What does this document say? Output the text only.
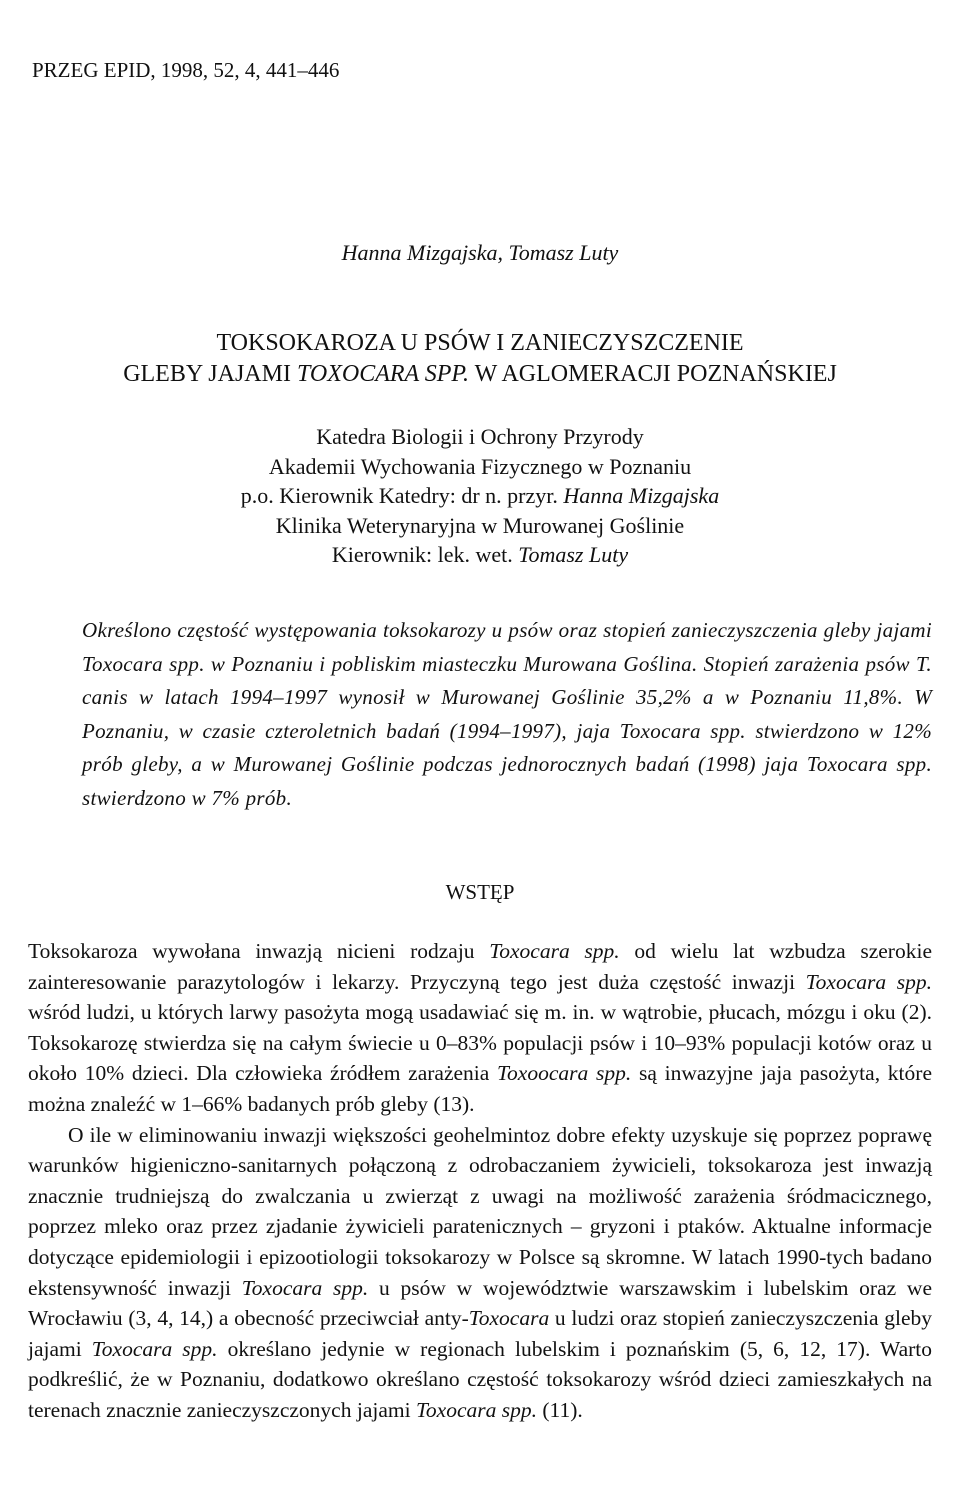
PRZEG EPID, 1998, 52, 4, 441–446
Hanna Mizgajska, Tomasz Luty
TOKSOKAROZA U PSÓW I ZANIECZYSZCZENIE
GLEBY JAJAMI TOXOCARA SPP. W AGLOMERACJI POZNAŃSKIEJ
Katedra Biologii i Ochrony Przyrody
Akademii Wychowania Fizycznego w Poznaniu
p.o. Kierownik Katedry: dr n. przyr. Hanna Mizgajska
Klinika Weterynaryjna w Murowanej Goślinie
Kierownik: lek. wet. Tomasz Luty
Określono częstość występowania toksokarozy u psów oraz stopień zanieczyszczenia gleby jajami Toxocara spp. w Poznaniu i pobliskim miasteczku Murowana Goślina. Stopień zarażenia psów T. canis w latach 1994–1997 wynosił w Murowanej Goślinie 35,2% a w Poznaniu 11,8%. W Poznaniu, w czasie czteroletnich badań (1994–1997), jaja Toxocara spp. stwierdzono w 12% prób gleby, a w Murowanej Goślinie podczas jednorocznych badań (1998) jaja Toxocara spp. stwierdzono w 7% prób.
WSTĘP

Toksokaroza wywołana inwazją nicieni rodzaju Toxocara spp. od wielu lat wzbudza szerokie zainteresowanie parazytologów i lekarzy. Przyczyną tego jest duża częstość inwazji Toxocara spp. wśród ludzi, u których larwy pasożyta mogą usadawiać się m. in. w wątrobie, płucach, mózgu i oku (2). Toksokarozę stwierdza się na całym świecie u 0–83% populacji psów i 10–93% populacji kotów oraz u około 10% dzieci. Dla człowieka źródłem zarażenia Toxoocara spp. są inwazyjne jaja pasożyta, które można znaleźć w 1–66% badanych prób gleby (13).

O ile w eliminowaniu inwazji większości geohelmintoz dobre efekty uzyskuje się poprzez poprawę warunków higieniczno-sanitarnych połączoną z odrobaczaniem żywicieli, toksokaroza jest inwazją znacznie trudniejszą do zwalczania u zwierząt z uwagi na możliwość zarażenia śródmacicznego, poprzez mleko oraz przez zjadanie żywicieli paratenicznych – gryzoni i ptaków. Aktualne informacje dotyczące epidemiologii i epizootiologii toksokarozy w Polsce są skromne. W latach 1990-tych badano ekstensywność inwazji Toxocara spp. u psów w województwie warszawskim i lubelskim oraz we Wrocławiu (3, 4, 14,) a obecność przeciwciał anty-Toxocara u ludzi oraz stopień zanieczyszczenia gleby jajami Toxocara spp. określano jedynie w regionach lubelskim i poznańskim (5, 6, 12, 17). Warto podkreślić, że w Poznaniu, dodatkowo określano częstość toksokarozy wśród dzieci zamieszkałych na terenach znacznie zanieczyszczonych jajami Toxocara spp. (11).
